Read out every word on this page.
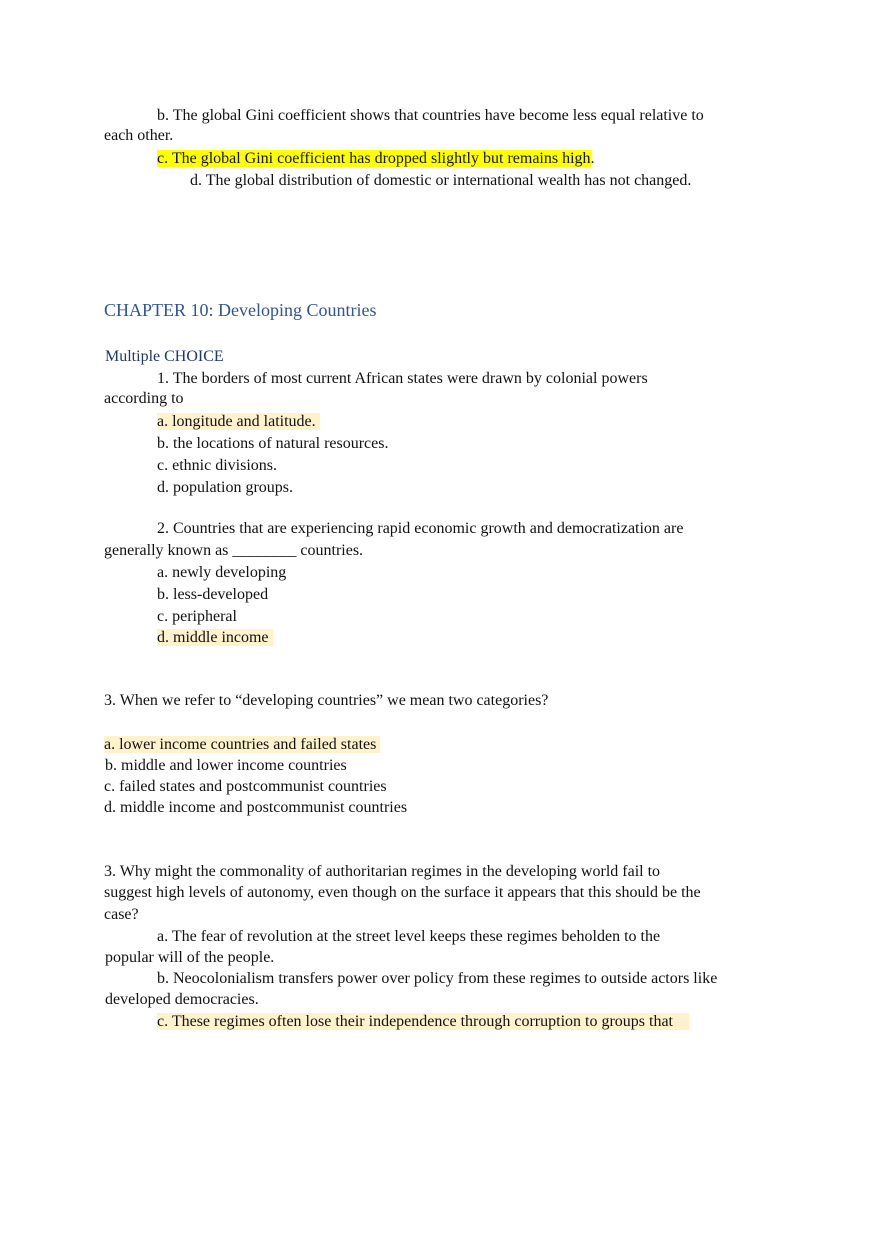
b. The global Gini coefficient shows that countries have become less equal relative to
each other.
c. The global Gini coefficient has dropped slightly but remains high.
d. The global distribution of domestic or international wealth has not changed.
CHAPTER 10: Developing Countries
Multiple CHOICE
1. The borders of most current African states were drawn by colonial powers
according to
a. longitude and latitude.
b. the locations of natural resources.
c. ethnic divisions.
d. population groups.
2. Countries that are experiencing rapid economic growth and democratization are
generally known as ________ countries.
a. newly developing
b. less-developed
c. peripheral
d. middle income
3. When we refer to “developing countries” we mean two categories?
a. lower income countries and failed states
b. middle and lower income countries
c. failed states and postcommunist countries
d. middle income and postcommunist countries
3. Why might the commonality of authoritarian regimes in the developing world fail to
suggest high levels of autonomy, even though on the surface it appears that this should be the
case?
a. The fear of revolution at the street level keeps these regimes beholden to the
popular will of the people.
b. Neocolonialism transfers power over policy from these regimes to outside actors like
developed democracies.
c. These regimes often lose their independence through corruption to groups that
